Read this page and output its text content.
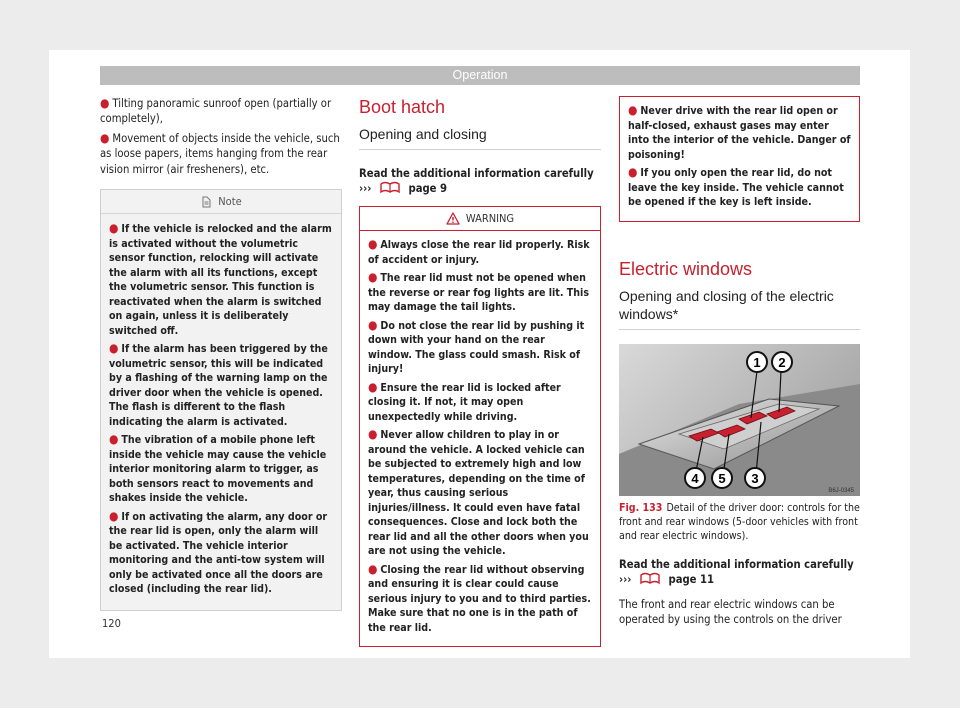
Operation
● Tilting panoramic sunroof open (partially or completely),
● Movement of objects inside the vehicle, such as loose papers, items hanging from the rear vision mirror (air fresheners), etc.
Note
● If the vehicle is relocked and the alarm is activated without the volumetric sensor function, relocking will activate the alarm with all its functions, except the volumetric sensor. This function is reactivated when the alarm is switched on again, unless it is deliberately switched off.
● If the alarm has been triggered by the volumetric sensor, this will be indicated by a flashing of the warning lamp on the driver door when the vehicle is opened. The flash is different to the flash indicating the alarm is activated.
● The vibration of a mobile phone left inside the vehicle may cause the vehicle interior monitoring alarm to trigger, as both sensors react to movements and shakes inside the vehicle.
● If on activating the alarm, any door or the rear lid is open, only the alarm will be activated. The vehicle interior monitoring and the anti-tow system will only be activated once all the doors are closed (including the rear lid).
Boot hatch
Opening and closing
Read the additional information carefully
›››	page 9
WARNING
● Always close the rear lid properly. Risk of accident or injury.
● The rear lid must not be opened when the reverse or rear fog lights are lit. This may damage the tail lights.
● Do not close the rear lid by pushing it down with your hand on the rear window. The glass could smash. Risk of injury!
● Ensure the rear lid is locked after closing it. If not, it may open unexpectedly while driving.
● Never allow children to play in or around the vehicle. A locked vehicle can be subjected to extremely high and low temperatures, depending on the time of year, thus causing serious injuries/illness. It could even have fatal consequences. Close and lock both the rear lid and all the other doors when you are not using the vehicle.
● Closing the rear lid without observing and ensuring it is clear could cause serious injury to you and to third parties. Make sure that no one is in the path of the rear lid.
● Never drive with the rear lid open or half-closed, exhaust gases may enter into the interior of the vehicle. Danger of poisoning!
● If you only open the rear lid, do not leave the key inside. The vehicle cannot be opened if the key is left inside.
Electric windows
Opening and closing of the electric windows*
1 2
3
4 5
B6J-0345
Fig. 133 Detail of the driver door: controls for the front and rear windows (5-door vehicles with front and rear electric windows).
Read the additional information carefully
›››	page 11
The front and rear electric windows can be operated by using the controls on the driver
120
